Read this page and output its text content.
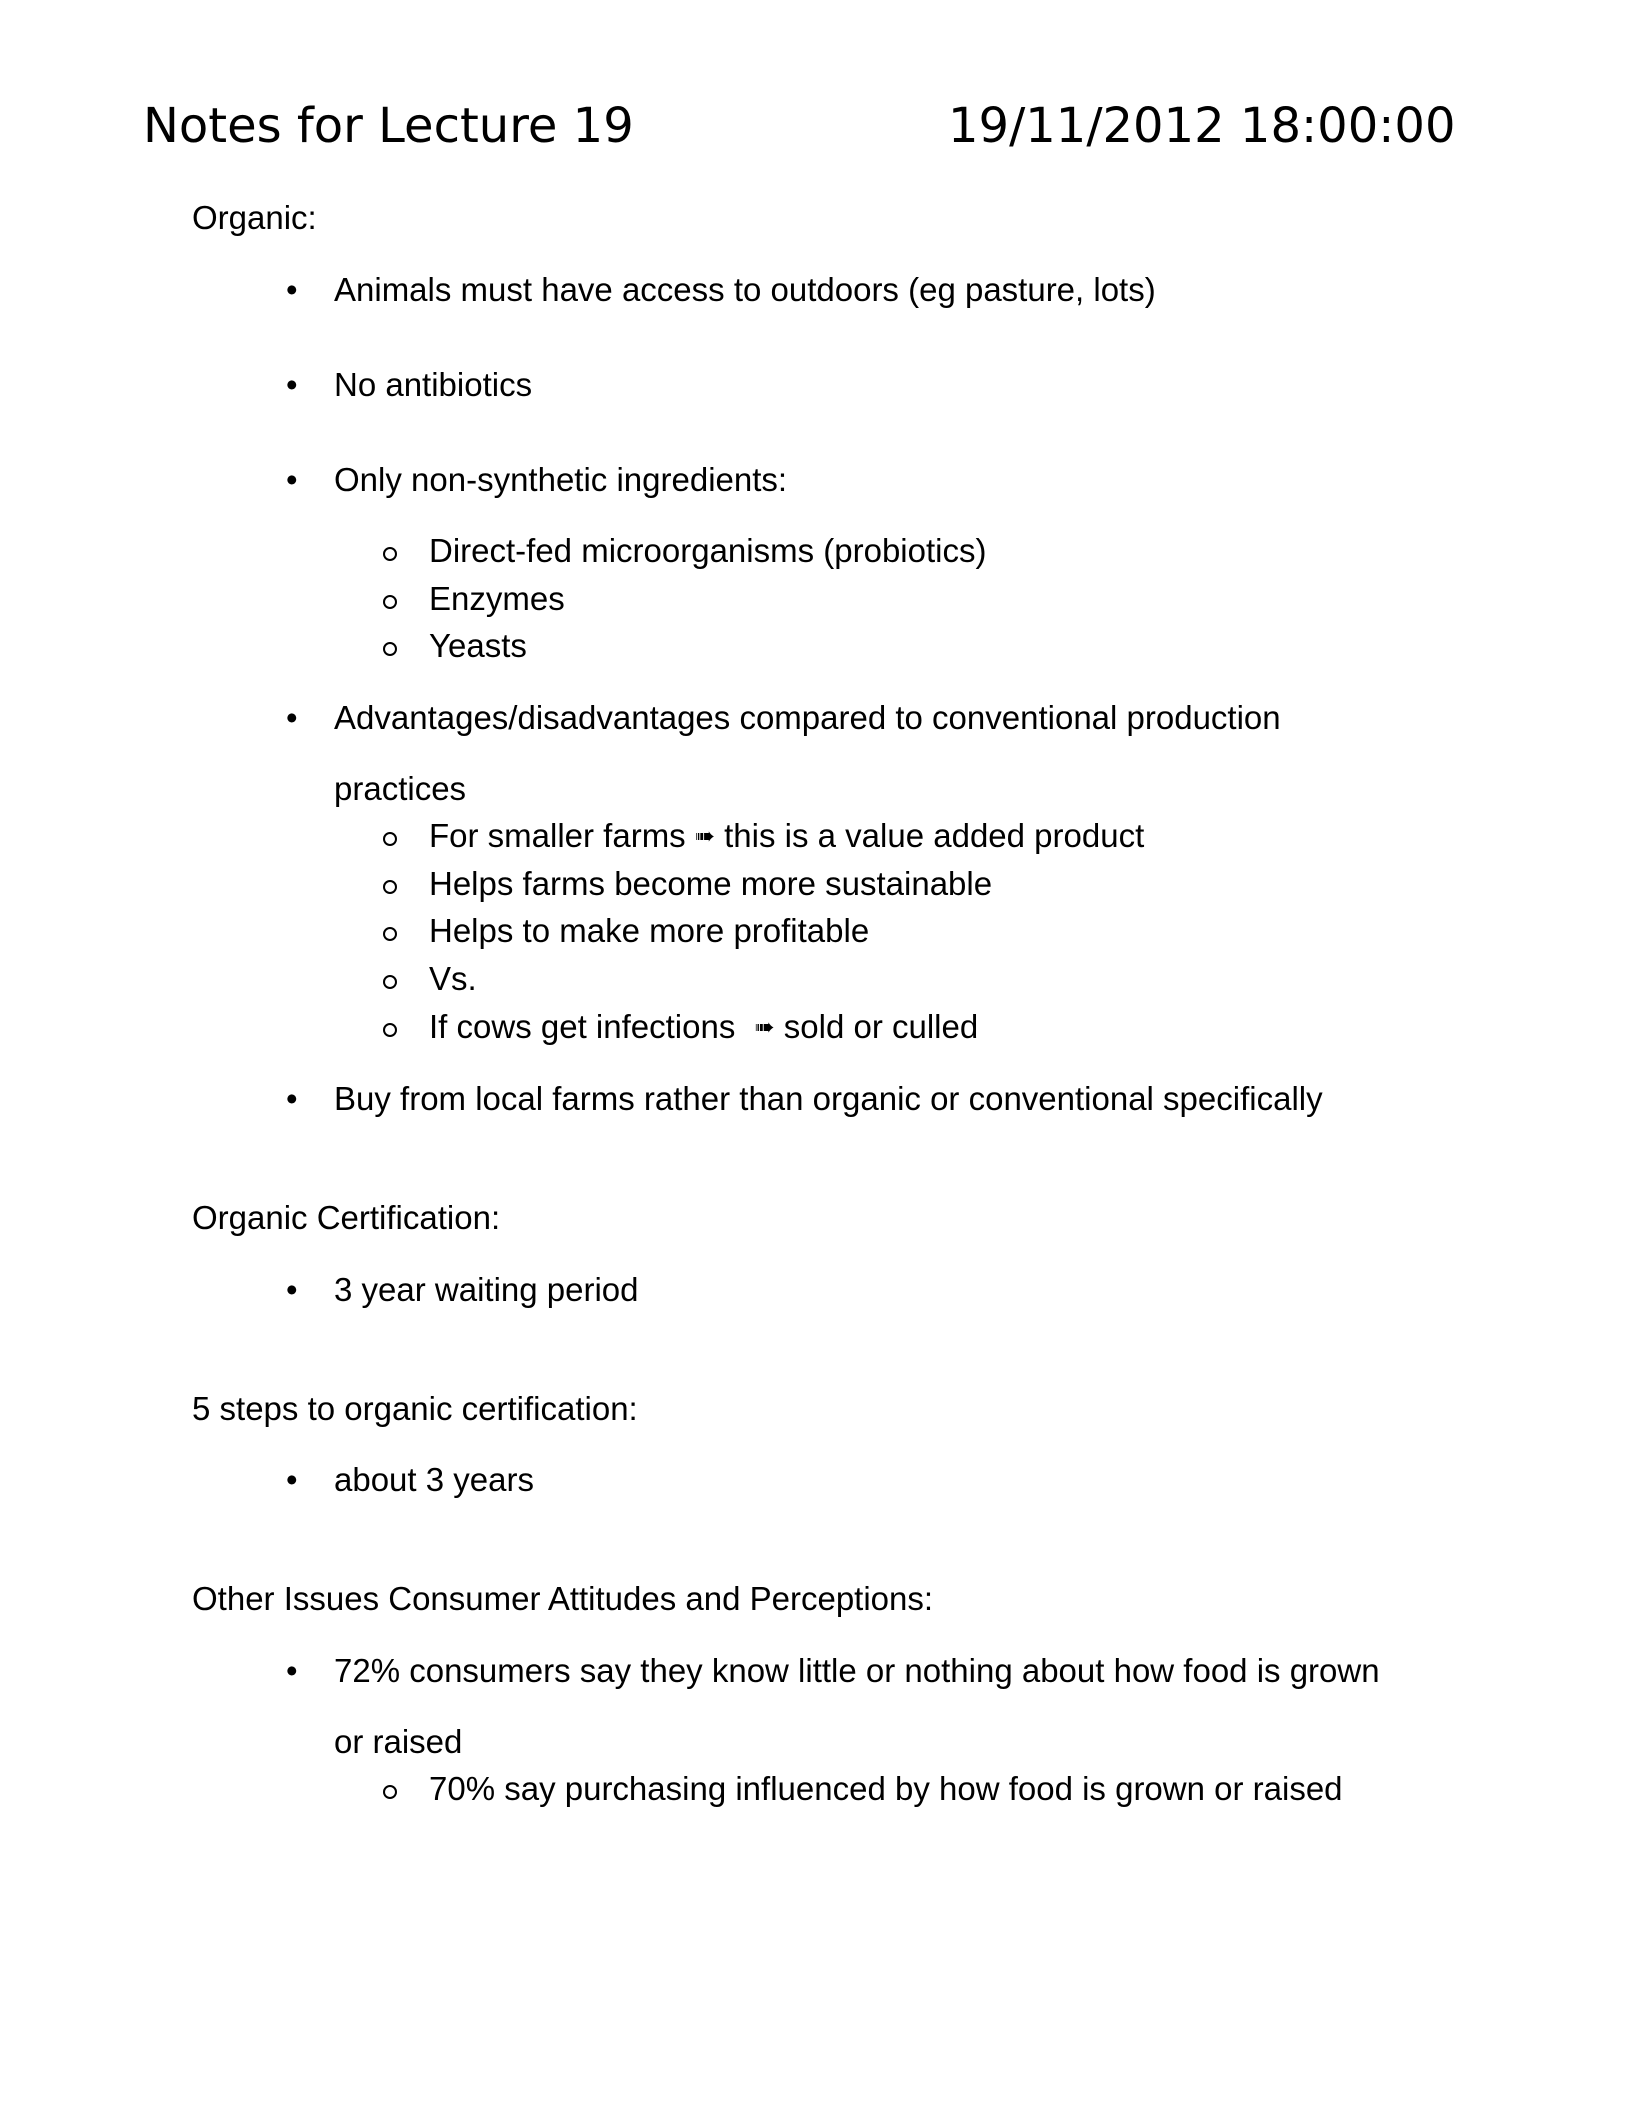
Notes for Lecture 19	19/11/2012 18:00:00
Organic:
• Animals must have access to outdoors (eg pasture, lots)
• No antibiotics
• Only non-synthetic ingredients:
Direct-fed microorganisms (probiotics)
Enzymes
Yeasts
• Advantages/disadvantages compared to conventional production
practices
For smaller farms ➠ this is a value added product
Helps farms become more sustainable
Helps to make more profitable
Vs.
If cows get infections ➠ sold or culled
• Buy from local farms rather than organic or conventional specifically
Organic Certification:
• 3 year waiting period
5 steps to organic certification:
• about 3 years
Other Issues Consumer Attitudes and Perceptions:
• 72% consumers say they know little or nothing about how food is grown
or raised
70% say purchasing influenced by how food is grown or raised
